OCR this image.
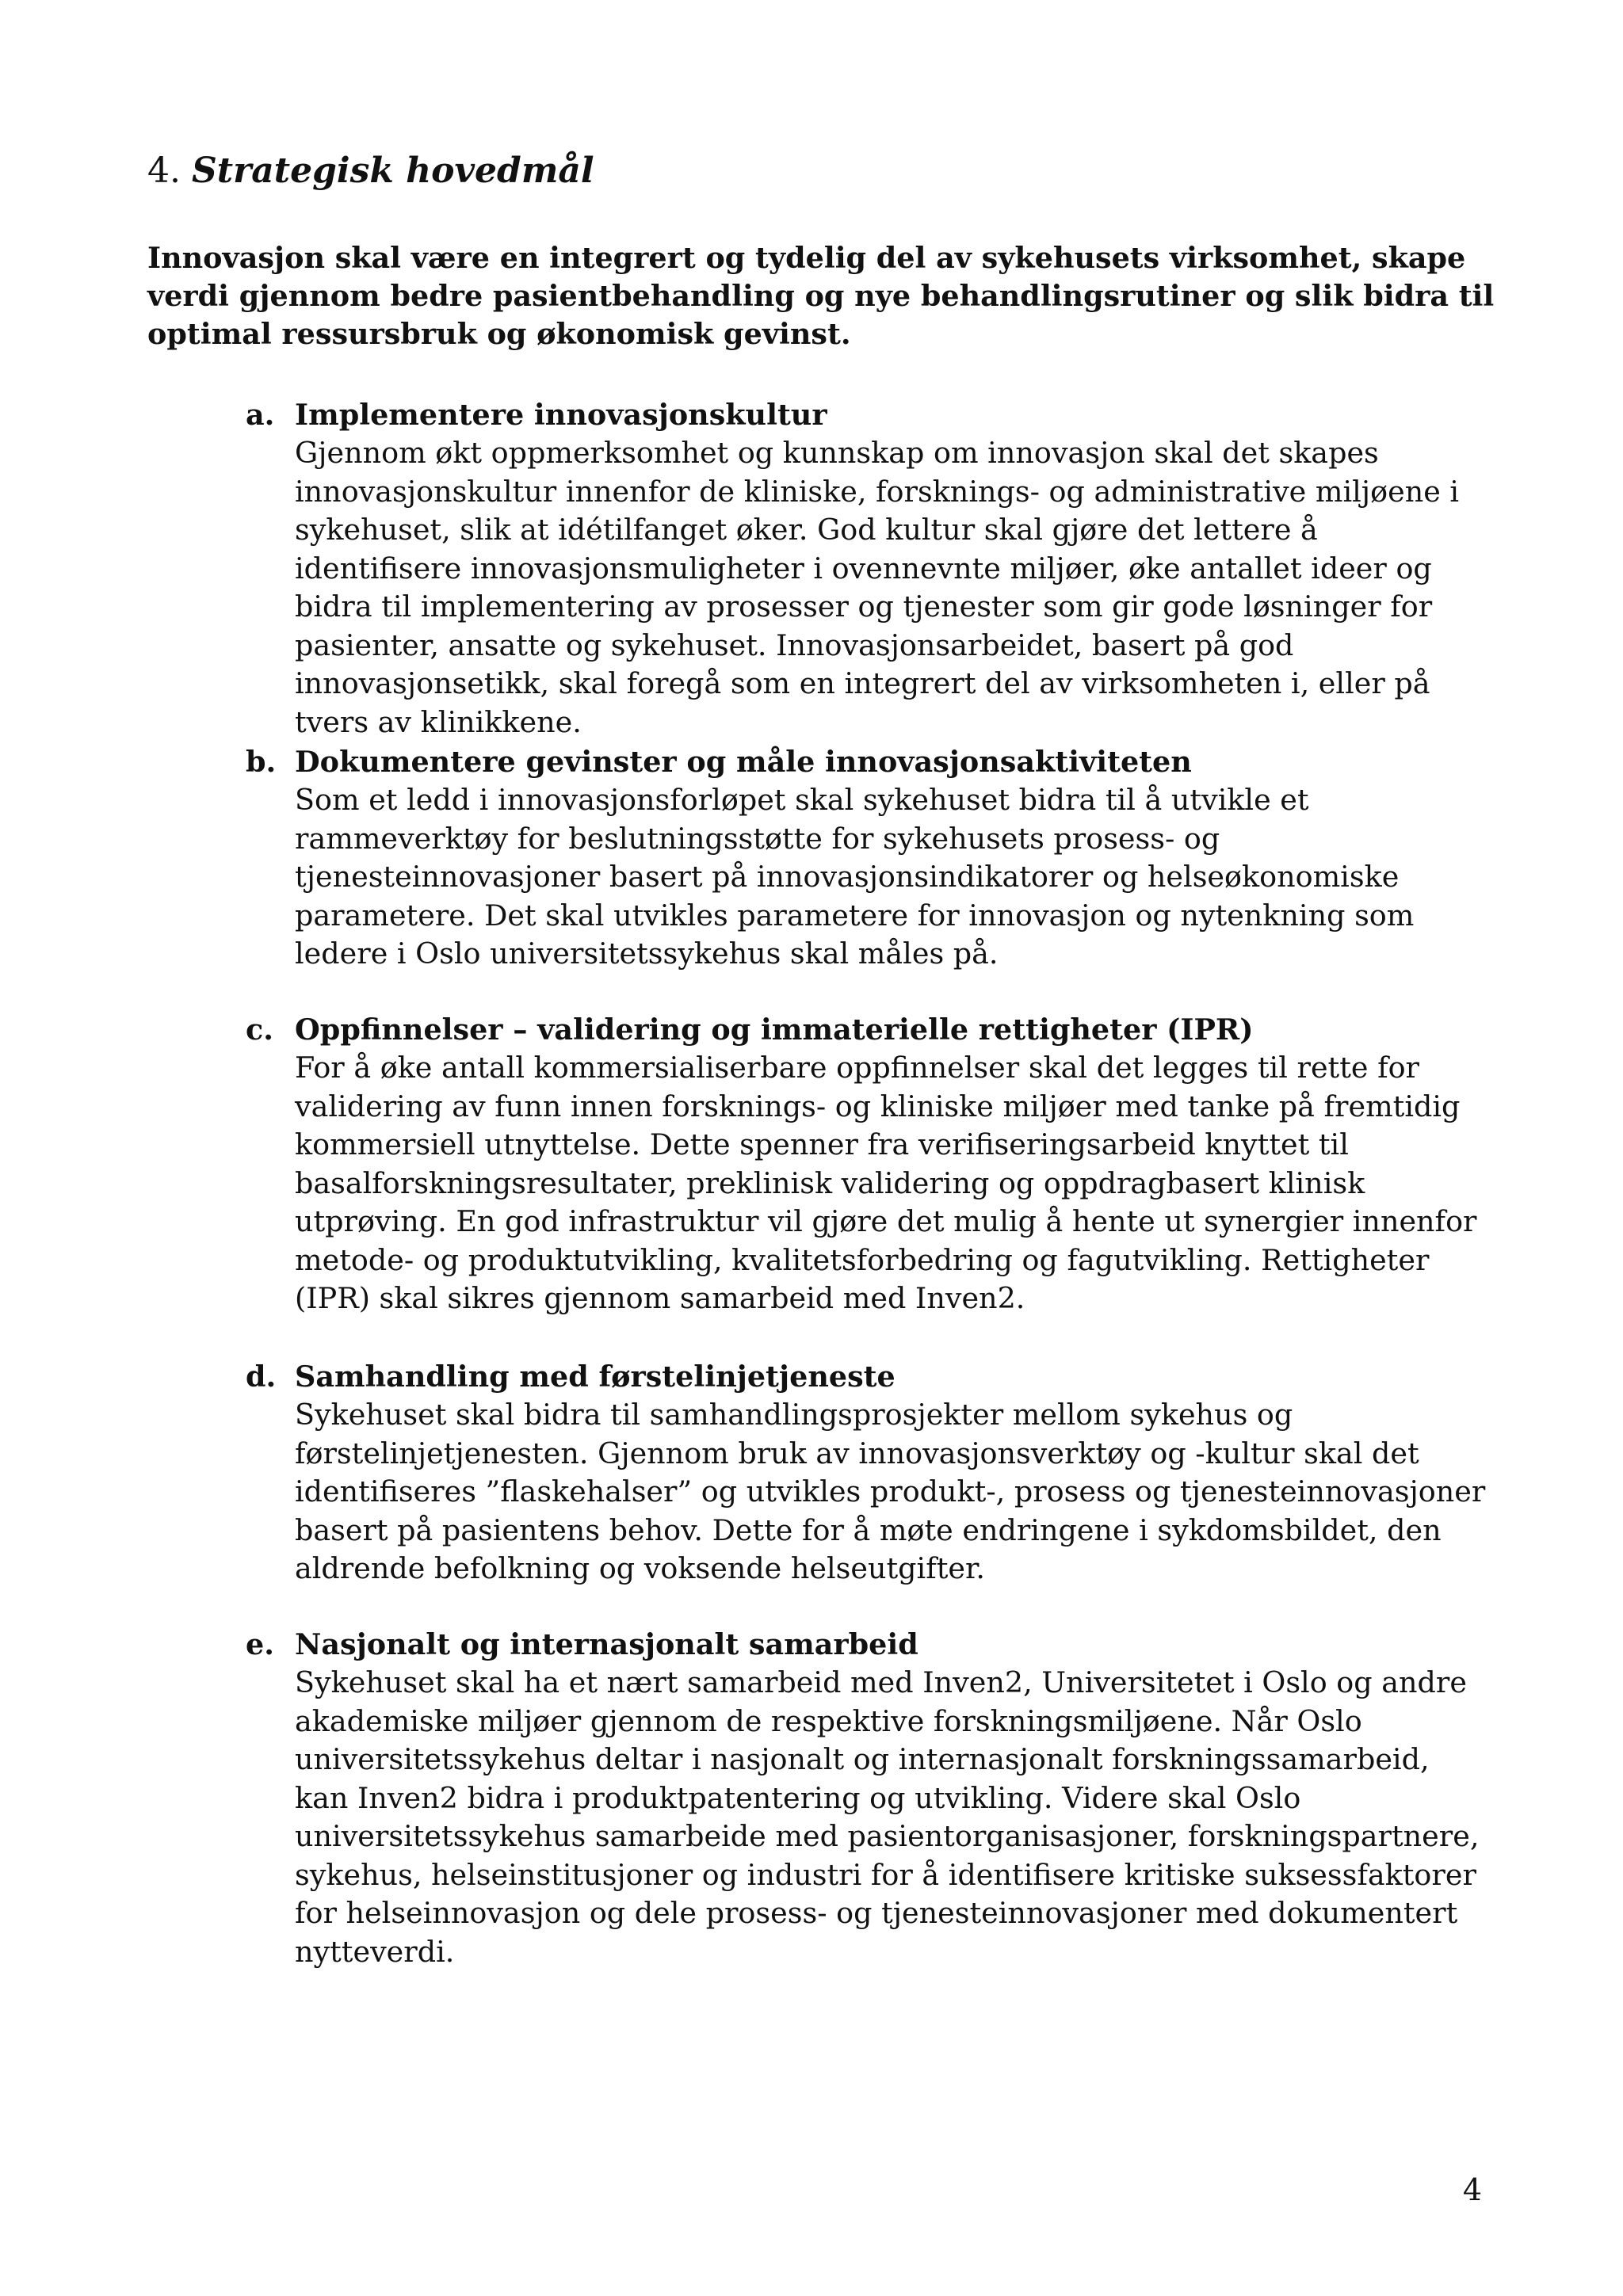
4. Strategisk hovedmål

Innovasjon skal være en integrert og tydelig del av sykehusets virksomhet, skape verdi gjennom bedre pasientbehandling og nye behandlingsrutiner og slik bidra til optimal ressursbruk og økonomisk gevinst.

a. Implementere innovasjonskultur

Gjennom økt oppmerksomhet og kunnskap om innovasjon skal det skapes innovasjonskultur innenfor de kliniske, forsknings- og administrative miljøene i sykehuset, slik at idétilfanget øker. God kultur skal gjøre det lettere å identifisere innovasjonsmuligheter i ovennevnte miljøer, øke antallet ideer og bidra til implementering av prosesser og tjenester som gir gode løsninger for pasienter, ansatte og sykehuset. Innovasjonsarbeidet, basert på god innovasjonsetikk, skal foregå som en integrert del av virksomheten i, eller på tvers av klinikkene.

b. Dokumentere gevinster og måle innovasjonsaktiviteten

Som et ledd i innovasjonsforløpet skal sykehuset bidra til å utvikle et rammeverktøy for beslutningsstøtte for sykehusets prosess- og tjenesteinnovasjoner basert på innovasjonsindikatorer og helseøkonomiske parametere. Det skal utvikles parametere for innovasjon og nytenkning som ledere i Oslo universitetssykehus skal måles på.

c. Oppfinnelser – validering og immaterielle rettigheter (IPR)

For å øke antall kommersialiserbare oppfinnelser skal det legges til rette for validering av funn innen forsknings- og kliniske miljøer med tanke på fremtidig kommersiell utnyttelse. Dette spenner fra verifiseringsarbeid knyttet til basalforskningsresultater, preklinisk validering og oppdragbasert klinisk utprøving. En god infrastruktur vil gjøre det mulig å hente ut synergier innenfor metode- og produktutvikling, kvalitetsforbedring og fagutvikling. Rettigheter (IPR) skal sikres gjennom samarbeid med Inven2.

d. Samhandling med førstelinjetjeneste

Sykehuset skal bidra til samhandlingsprosjekter mellom sykehus og førstelinjetjenesten. Gjennom bruk av innovasjonsverktøy og -kultur skal det identifiseres ”flaskehalser” og utvikles produkt-, prosess og tjenesteinnovasjoner basert på pasientens behov. Dette for å møte endringene i sykdomsbildet, den aldrende befolkning og voksende helseutgifter.

e. Nasjonalt og internasjonalt samarbeid

Sykehuset skal ha et nært samarbeid med Inven2, Universitetet i Oslo og andre akademiske miljøer gjennom de respektive forskningsmiljøene. Når Oslo universitetssykehus deltar i nasjonalt og internasjonalt forskningssamarbeid, kan Inven2 bidra i produktpatentering og utvikling. Videre skal Oslo universitetssykehus samarbeide med pasientorganisasjoner, forskningspartnere, sykehus, helseinstitusjoner og industri for å identifisere kritiske suksessfaktorer for helseinnovasjon og dele prosess- og tjenesteinnovasjoner med dokumentert nytteverdi.

4
